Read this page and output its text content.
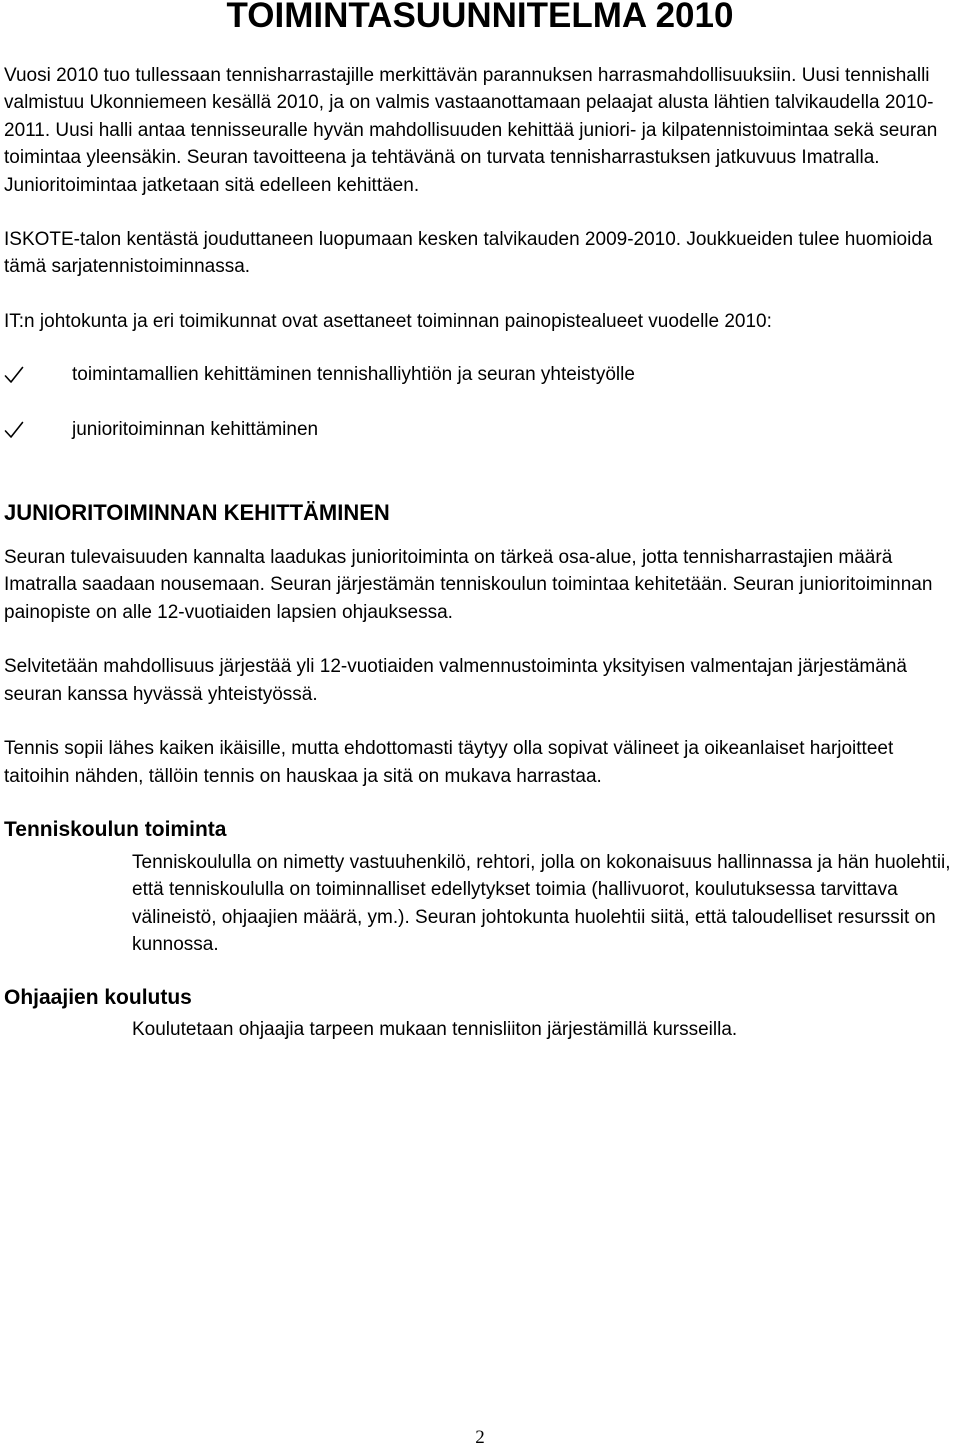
TOIMINTASUUNNITELMA 2010

Vuosi 2010 tuo tullessaan tennisharrastajille merkittävän parannuksen harrasmahdollisuuksiin. Uusi tennishalli valmistuu Ukonniemeen kesällä 2010, ja on valmis vastaanottamaan pelaajat alusta lähtien talvikaudella 2010-2011. Uusi halli antaa tennisseuralle hyvän mahdollisuuden kehittää juniori- ja kilpatennistoimintaa sekä seuran toimintaa yleensäkin. Seuran tavoitteena ja tehtävänä on turvata tennisharrastuksen jatkuvuus Imatralla. Junioritoimintaa jatketaan sitä edelleen kehittäen.

ISKOTE-talon kentästä jouduttaneen luopumaan kesken talvikauden 2009-2010. Joukkueiden tulee huomioida tämä sarjatennistoiminnassa.

IT:n johtokunta ja eri toimikunnat ovat asettaneet toiminnan painopistealueet vuodelle 2010:

toimintamallien kehittäminen tennishalliyhtiön ja seuran yhteistyölle
junioritoiminnan kehittäminen
JUNIORITOIMINNAN KEHITTÄMINEN

Seuran tulevaisuuden kannalta laadukas junioritoiminta on tärkeä osa-alue, jotta tennisharrastajien määrä Imatralla saadaan nousemaan. Seuran järjestämän tenniskoulun toimintaa kehitetään. Seuran junioritoiminnan painopiste on alle 12-vuotiaiden lapsien ohjauksessa.

Selvitetään mahdollisuus järjestää yli 12-vuotiaiden valmennustoiminta yksityisen valmentajan järjestämänä seuran kanssa hyvässä yhteistyössä.

Tennis sopii lähes kaiken ikäisille, mutta ehdottomasti täytyy olla sopivat välineet ja oikeanlaiset harjoitteet taitoihin nähden, tällöin tennis on hauskaa ja sitä on mukava harrastaa.

Tenniskoulun toiminta

Tenniskoululla on nimetty vastuuhenkilö, rehtori, jolla on kokonaisuus hallinnassa ja hän huolehtii, että tenniskoululla on toiminnalliset edellytykset toimia (hallivuorot, koulutuksessa tarvittava välineistö, ohjaajien määrä, ym.). Seuran johtokunta huolehtii siitä, että taloudelliset resurssit on kunnossa.

Ohjaajien koulutus

Koulutetaan ohjaajia tarpeen mukaan tennisliiton järjestämillä kursseilla.

2
